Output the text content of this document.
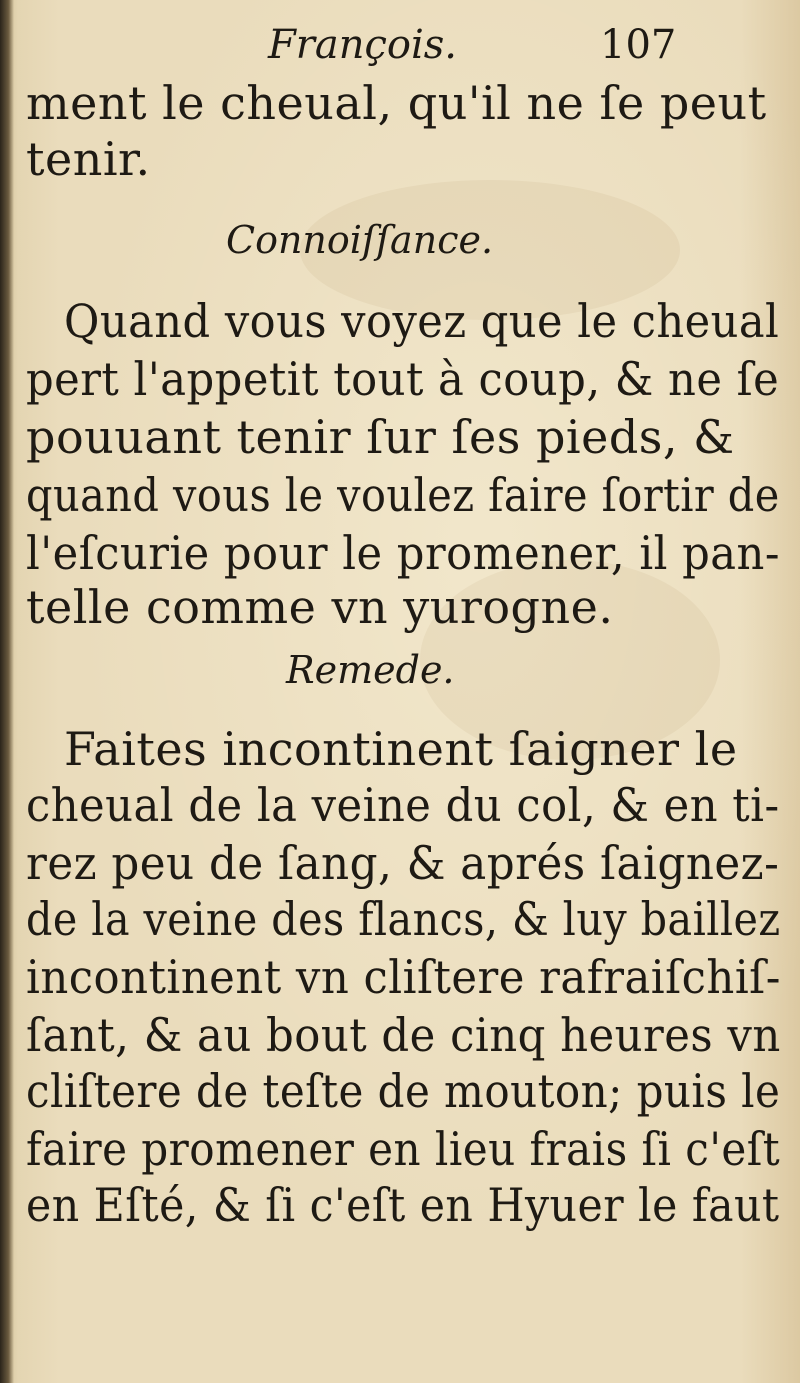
François.	107
ment le cheual, qu'il ne ſe peut
tenir.
Connoiſſance.
Quand vous voyez que le cheual
pert l'appetit tout à coup, & ne ſe
pouuant tenir ſur ſes pieds, &
quand vous le voulez faire ſortir de
l'eſcurie pour le promener, il pan-
telle comme vn yurogne.
Remede.
Faites incontinent ſaigner le
cheual de la veine du col, & en ti-
rez peu de ſang, & aprés ſaignez-
de la veine des flancs, & luy baillez
incontinent vn cliſtere rafraiſchiſ-
ſant, & au bout de cinq heures vn
cliſtere de teſte de mouton; puis le
faire promener en lieu frais ſi c'eſt
en Eſté, & ſi c'eſt en Hyuer le faut
